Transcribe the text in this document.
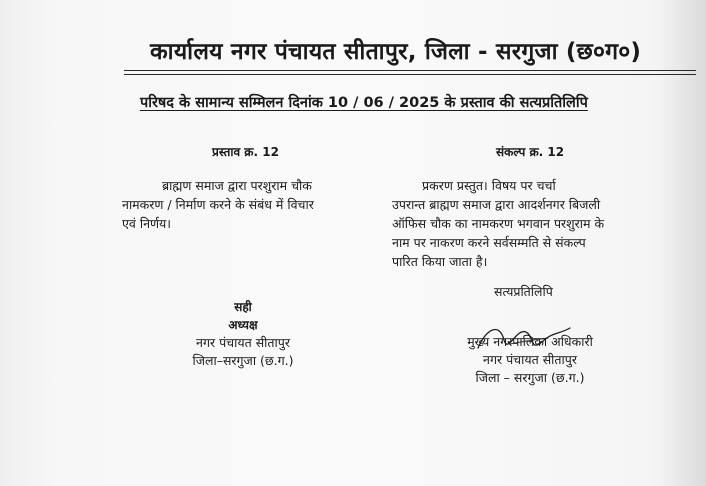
कार्यालय नगर पंचायत सीतापुर, जिला - सरगुजा (छ०ग०)
परिषद के सामान्य सम्मिलन दिनांक 10 / 06 / 2025 के प्रस्ताव की सत्यप्रतिलिपि
प्रस्ताव क्र. 12	संकल्प क्र. 12
ब्राह्मण समाज द्वारा परशुराम चौक
नामकरण / निर्माण करने के संबंध में विचार
एवं निर्णय।
प्रकरण प्रस्तुत। विषय पर चर्चा
उपरान्त ब्राह्मण समाज द्वारा आदर्शनगर बिजली
ऑफिस चौक का नामकरण भगवान परशुराम के
नाम पर नाकरण करने सर्वसम्मति से संकल्प
पारित किया जाता है।
सत्यप्रतिलिपि
सही
अध्यक्ष
नगर पंचायत सीतापुर
जिला–सरगुजा (छ.ग.)
मुख्य नगरपालिका अधिकारी
नगर पंचायत सीतापुर
जिला – सरगुजा (छ.ग.)
